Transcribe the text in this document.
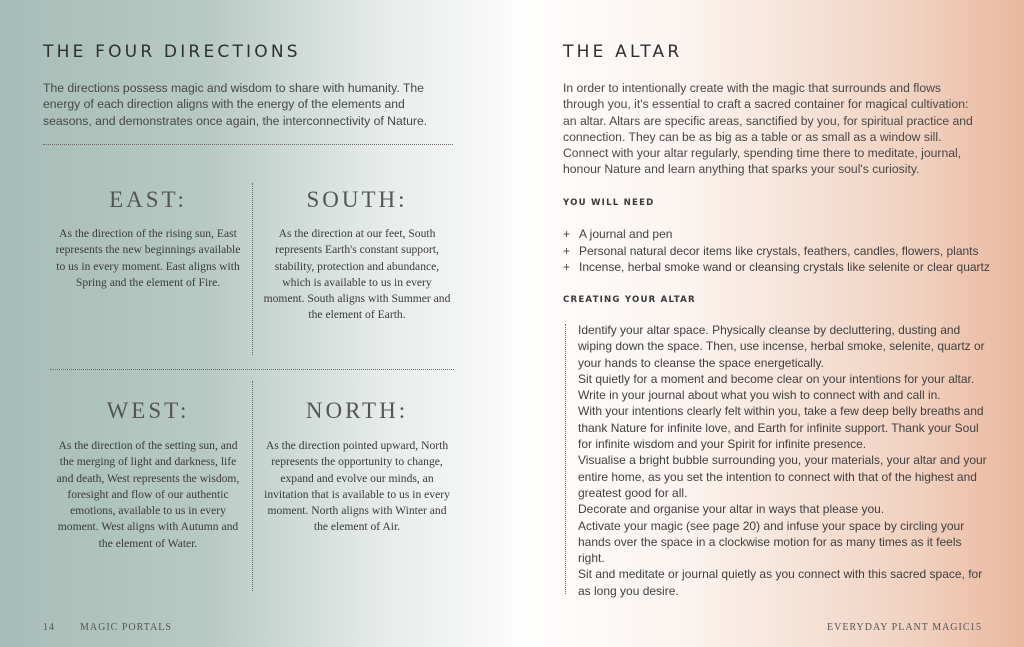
THE FOUR DIRECTIONS
The directions possess magic and wisdom to share with humanity. The energy of each direction aligns with the energy of the elements and seasons, and demonstrates once again, the interconnectivity of Nature.
EAST:
As the direction of the rising sun, East represents the new beginnings available to us in every moment. East aligns with Spring and the element of Fire.
SOUTH:
As the direction at our feet, South represents Earth's constant support, stability, protection and abundance, which is available to us in every moment. South aligns with Summer and the element of Earth.
WEST:
As the direction of the setting sun, and the merging of light and darkness, life and death, West represents the wisdom, foresight and flow of our authentic emotions, available to us in every moment. West aligns with Autumn and the element of Water.
NORTH:
As the direction pointed upward, North represents the opportunity to change, expand and evolve our minds, an invitation that is available to us in every moment. North aligns with Winter and the element of Air.
14	MAGIC PORTALS
THE ALTAR
In order to intentionally create with the magic that surrounds and flows through you, it's essential to craft a sacred container for magical cultivation: an altar. Altars are specific areas, sanctified by you, for spiritual practice and connection. They can be as big as a table or as small as a window sill. Connect with your altar regularly, spending time there to meditate, journal, honour Nature and learn anything that sparks your soul's curiosity.
YOU WILL NEED
+ A journal and pen
+ Personal natural decor items like crystals, feathers, candles, flowers, plants
+ Incense, herbal smoke wand or cleansing crystals like selenite or clear quartz
CREATING YOUR ALTAR

Identify your altar space. Physically cleanse by decluttering, dusting and wiping down the space. Then, use incense, herbal smoke, selenite, quartz or your hands to cleanse the space energetically.

Sit quietly for a moment and become clear on your intentions for your altar. Write in your journal about what you wish to connect with and call in.

With your intentions clearly felt within you, take a few deep belly breaths and thank Nature for infinite love, and Earth for infinite support. Thank your Soul for infinite wisdom and your Spirit for infinite presence.

Visualise a bright bubble surrounding you, your materials, your altar and your entire home, as you set the intention to connect with that of the highest and greatest good for all.

Decorate and organise your altar in ways that please you.

Activate your magic (see page 20) and infuse your space by circling your hands over the space in a clockwise motion for as many times as it feels right.

Sit and meditate or journal quietly as you connect with this sacred space, for as long you desire.

EVERYDAY PLANT MAGIC 15
